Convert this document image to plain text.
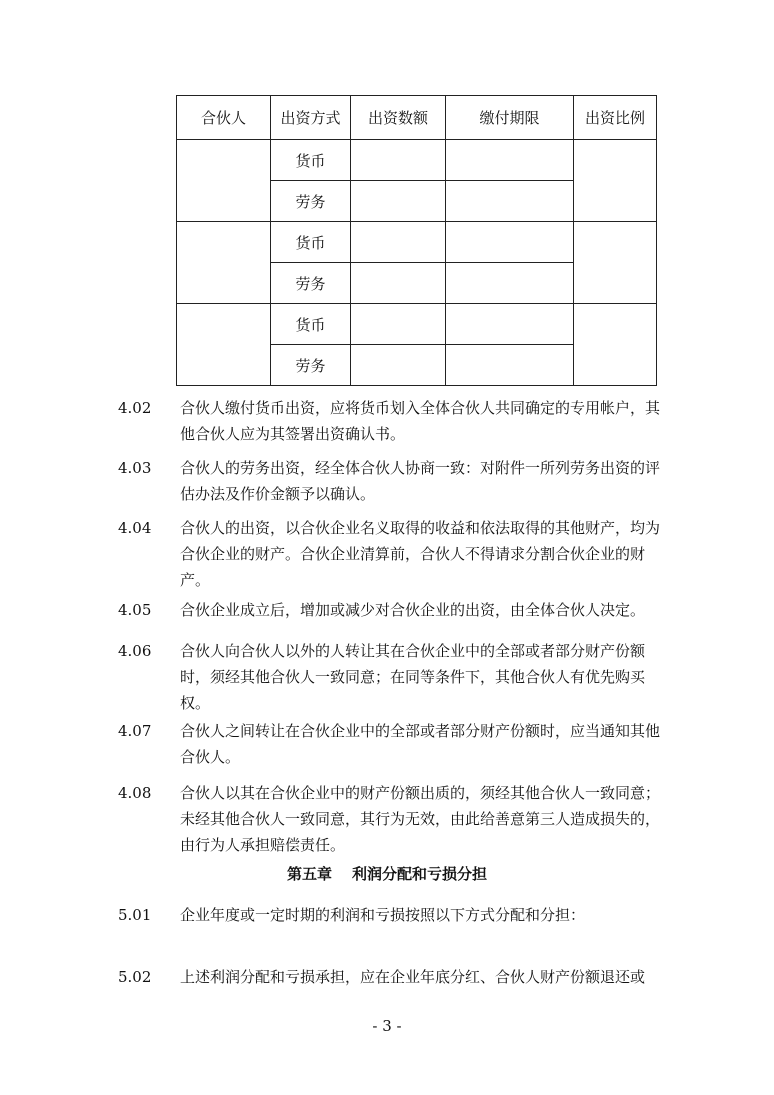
合伙人	出资方式	出资数额	缴付期限	出资比例
	货币			
	劳务			
	货币			
	劳务			
	货币			
	劳务			
4.02	合伙人缴付货币出资，应将货币划入全体合伙人共同确定的专用帐户，其他合伙人应为其签署出资确认书。
4.03	合伙人的劳务出资，经全体合伙人协商一致：对附件一所列劳务出资的评估办法及作价金额予以确认。
4.04	合伙人的出资，以合伙企业名义取得的收益和依法取得的其他财产，均为合伙企业的财产。合伙企业清算前，合伙人不得请求分割合伙企业的财产。
4.05	合伙企业成立后，增加或减少对合伙企业的出资，由全体合伙人决定。
4.06	合伙人向合伙人以外的人转让其在合伙企业中的全部或者部分财产份额时，须经其他合伙人一致同意；在同等条件下，其他合伙人有优先购买权。
4.07	合伙人之间转让在合伙企业中的全部或者部分财产份额时，应当通知其他合伙人。
4.08	合伙人以其在合伙企业中的财产份额出质的，须经其他合伙人一致同意；未经其他合伙人一致同意，其行为无效，由此给善意第三人造成损失的，由行为人承担赔偿责任。
第五章 利润分配和亏损分担
5.01	企业年度或一定时期的利润和亏损按照以下方式分配和分担：
5.02	上述利润分配和亏损承担，应在企业年底分红、合伙人财产份额退还或
- 3 -
